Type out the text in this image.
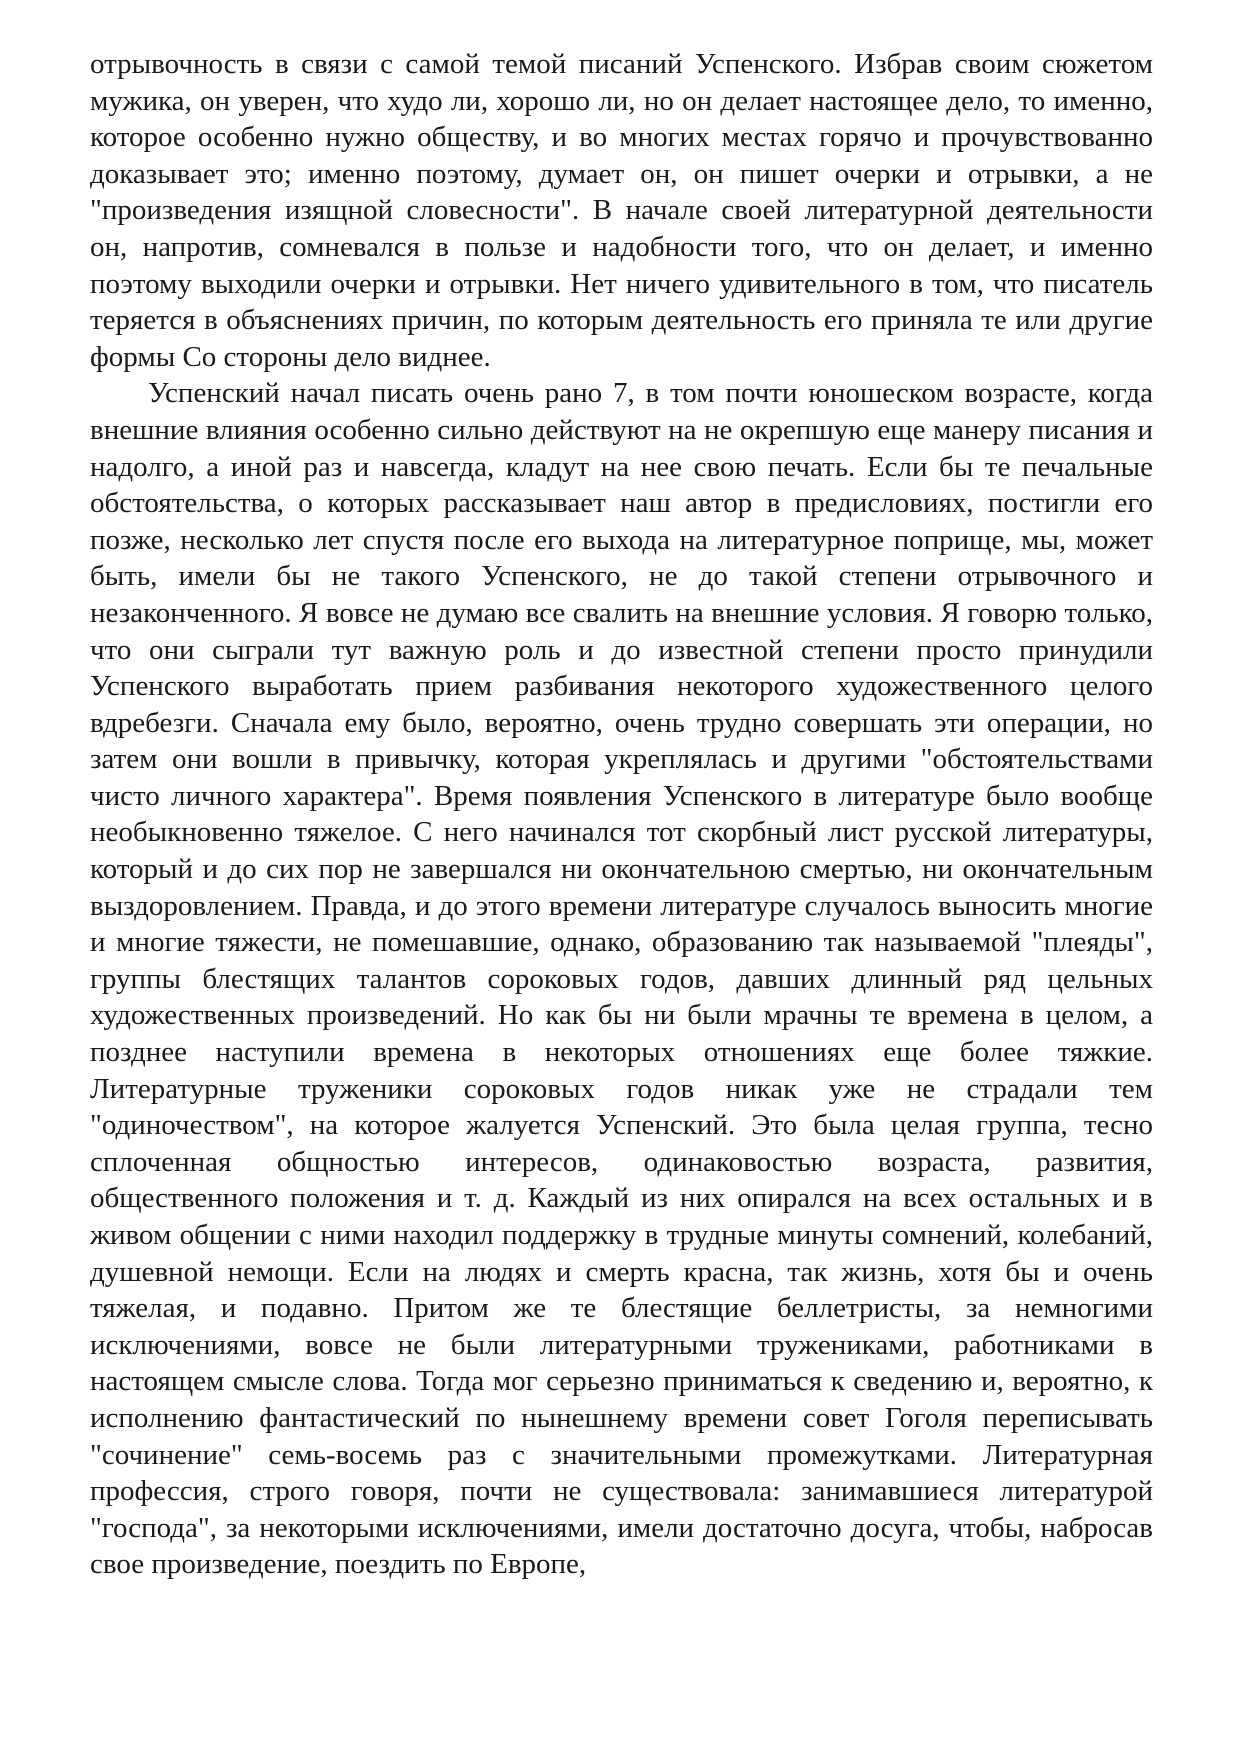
отрывочность в связи с самой темой писаний Успенского. Избрав своим сюжетом мужика, он уверен, что худо ли, хорошо ли, но он делает настоящее дело, то именно, которое особенно нужно обществу, и во многих местах горячо и прочувствованно доказывает это; именно поэтому, думает он, он пишет очерки и отрывки, а не "произведения изящной словесности". В начале своей литературной деятельности он, напротив, сомневался в пользе и надобности того, что он делает, и именно поэтому выходили очерки и отрывки. Нет ничего удивительного в том, что писатель теряется в объяснениях причин, по которым деятельность его приняла те или другие формы Со стороны дело виднее.

Успенский начал писать очень рано 7, в том почти юношеском возрасте, когда внешние влияния особенно сильно действуют на не окрепшую еще манеру писания и надолго, а иной раз и навсегда, кладут на нее свою печать. Если бы те печальные обстоятельства, о которых рассказывает наш автор в предисловиях, постигли его позже, несколько лет спустя после его выхода на литературное поприще, мы, может быть, имели бы не такого Успенского, не до такой степени отрывочного и незаконченного. Я вовсе не думаю все свалить на внешние условия. Я говорю только, что они сыграли тут важную роль и до известной степени просто принудили Успенского выработать прием разбивания некоторого художественного целого вдребезги. Сначала ему было, вероятно, очень трудно совершать эти операции, но затем они вошли в привычку, которая укреплялась и другими "обстоятельствами чисто личного характера". Время появления Успенского в литературе было вообще необыкновенно тяжелое. С него начинался тот скорбный лист русской литературы, который и до сих пор не завершался ни окончательною смертью, ни окончательным выздоровлением. Правда, и до этого времени литературе случалось выносить многие и многие тяжести, не помешавшие, однако, образованию так называемой "плеяды", группы блестящих талантов сороковых годов, давших длинный ряд цельных художественных произведений. Но как бы ни были мрачны те времена в целом, а позднее наступили времена в некоторых отношениях еще более тяжкие. Литературные труженики сороковых годов никак уже не страдали тем "одиночеством", на которое жалуется Успенский. Это была целая группа, тесно сплоченная общностью интересов, одинаковостью возраста, развития, общественного положения и т. д. Каждый из них опирался на всех остальных и в живом общении с ними находил поддержку в трудные минуты сомнений, колебаний, душевной немощи. Если на людях и смерть красна, так жизнь, хотя бы и очень тяжелая, и подавно. Притом же те блестящие беллетристы, за немногими исключениями, вовсе не были литературными тружениками, работниками в настоящем смысле слова. Тогда мог серьезно приниматься к сведению и, вероятно, к исполнению фантастический по нынешнему времени совет Гоголя переписывать "сочинение" семь-восемь раз с значительными промежутками. Литературная профессия, строго говоря, почти не существовала: занимавшиеся литературой "господа", за некоторыми исключениями, имели достаточно досуга, чтобы, набросав свое произведение, поездить по Европе,
